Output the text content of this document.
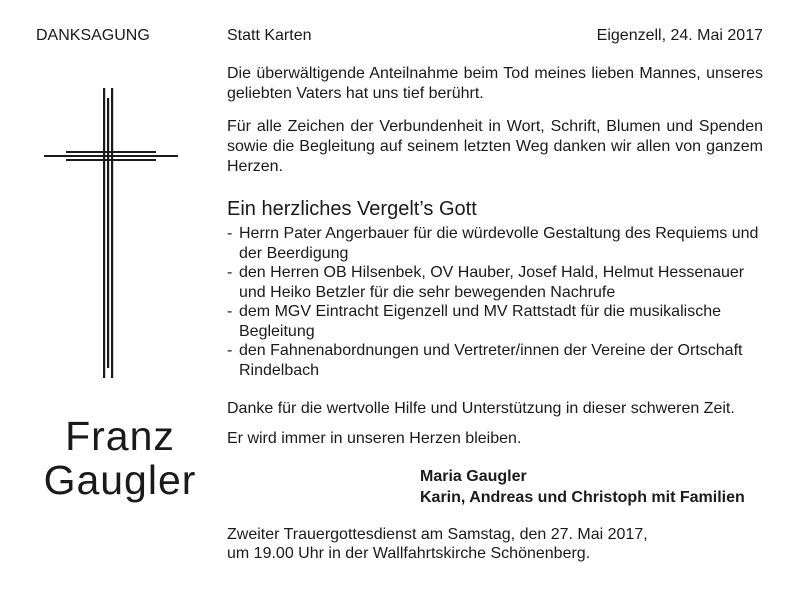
DANKSAGUNG	Statt Karten	Eigenzell, 24. Mai 2017
Franz
Gaugler
Die überwältigende Anteilnahme beim Tod meines lieben Mannes, unseres geliebten Vaters hat uns tief berührt.
Für alle Zeichen der Verbundenheit in Wort, Schrift, Blumen und Spenden sowie die Begleitung auf seinem letzten Weg danken wir allen von ganzem Herzen.
Ein herzliches Vergelt’s Gott
- Herrn Pater Angerbauer für die würdevolle Gestaltung des Requiems und der Beerdigung
- den Herren OB Hilsenbek, OV Hauber, Josef Hald, Helmut Hessenauer und Heiko Betzler für die sehr bewegenden Nachrufe
- dem MGV Eintracht Eigenzell und MV Rattstadt für die musikalische Begleitung
- den Fahnenabordnungen und Vertreter/innen der Vereine der Ortschaft Rindelbach
Danke für die wertvolle Hilfe und Unterstützung in dieser schweren Zeit.
Er wird immer in unseren Herzen bleiben.
Maria Gaugler
Karin, Andreas und Christoph mit Familien
Zweiter Trauergottesdienst am Samstag, den 27. Mai 2017,
um 19.00 Uhr in der Wallfahrtskirche Schönenberg.
